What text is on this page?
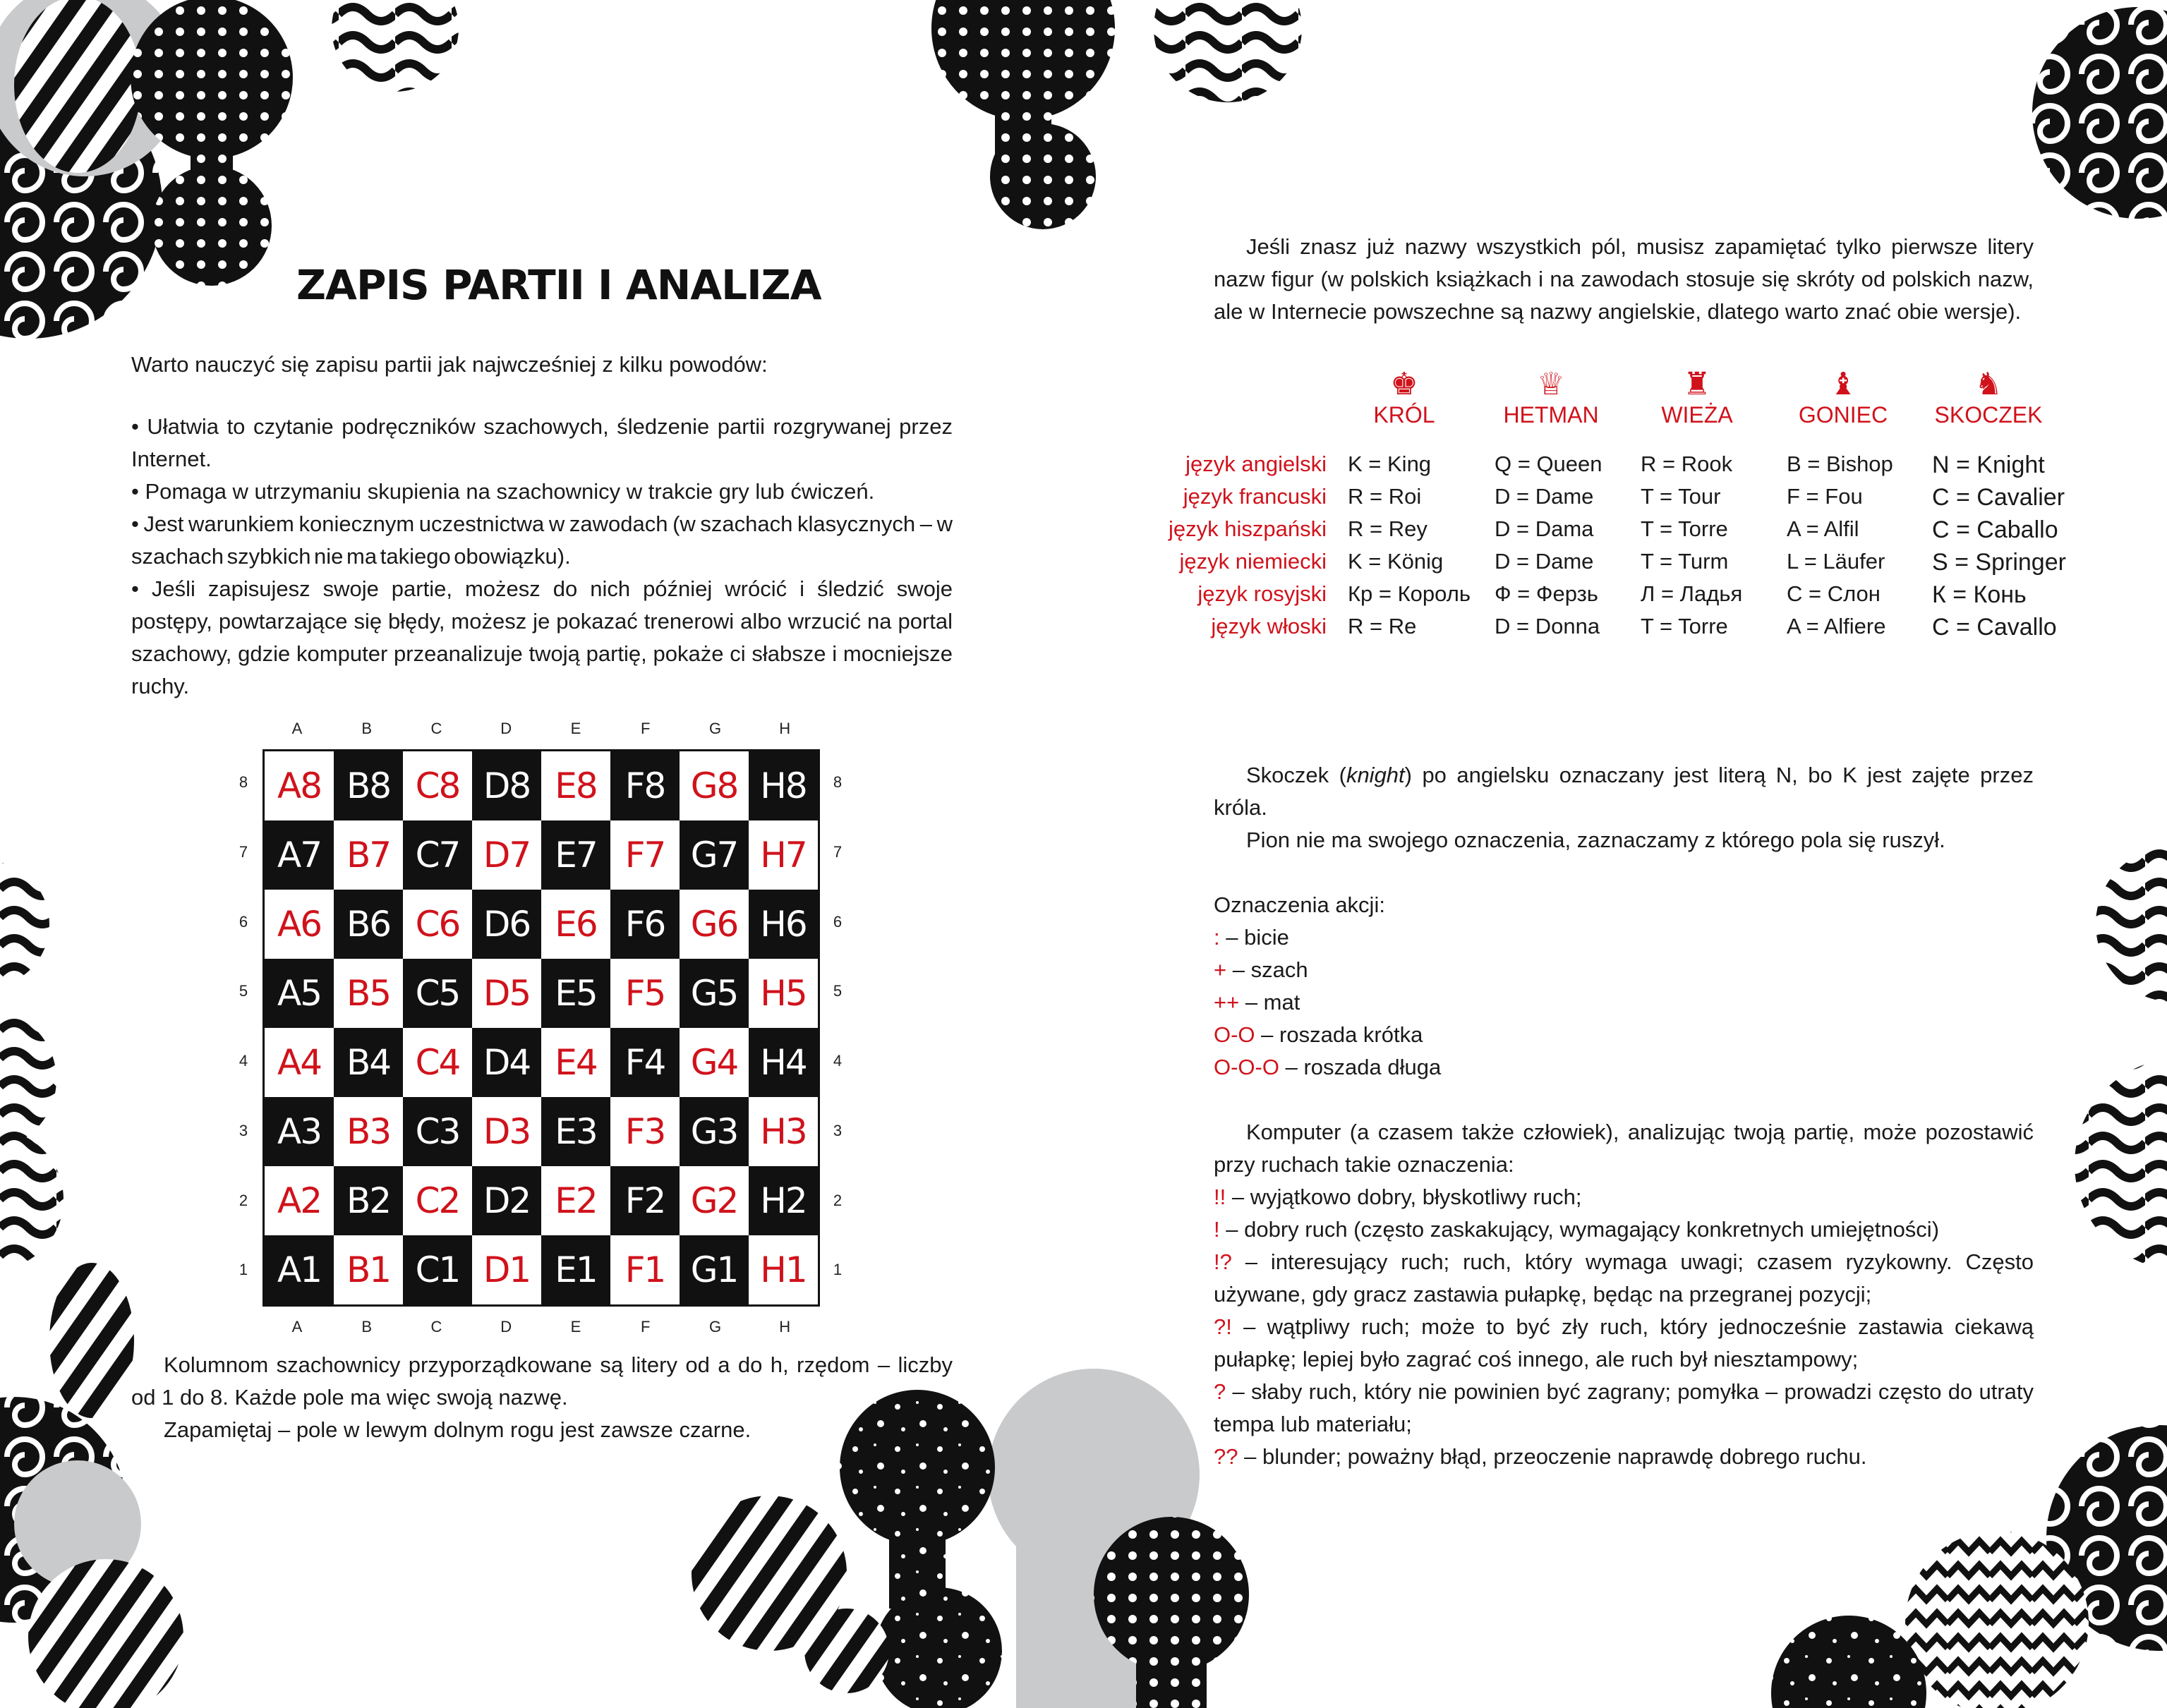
ZAPIS PARTII I ANALIZA

Warto nauczyć się zapisu partii jak najwcześniej z kilku powodów:

• Ułatwia to czytanie podręczników szachowych, śledzenie partii rozgrywanej przez Internet.

• Pomaga w utrzymaniu skupienia na szachownicy w trakcie gry lub ćwiczeń.

• Jest warunkiem koniecznym uczestnictwa w zawodach (w szachach klasycznych – w szachach szybkich nie ma takiego obowiązku).

• Jeśli zapisujesz swoje partie, możesz do nich później wrócić i śledzić swoje postępy, powtarzające się błędy, możesz je pokazać trenerowi albo wrzucić na portal szachowy, gdzie komputer przeanalizuje twoją partię, pokaże ci słabsze i mocniejsze ruchy.

A8 B8 C8 D8 E8 F8 G8 H8
A7 B7 C7 D7 E7 F7 G7 H7
A6 B6 C6 D6 E6 F6 G6 H6
A5 B5 C5 D5 E5 F5 G5 H5
A4 B4 C4 D4 E4 F4 G4 H4
A3 B3 C3 D3 E3 F3 G3 H3
A2 B2 C2 D2 E2 F2 G2 H2
A1 B1 C1 D1 E1 F1 G1 H1
A
A
B
B
C
C
D
D
E
E
F
F
G
G
H
H
8	8
7	7
6	6
5	5
4	4
3	3
2	2
1	1

Kolumnom szachownicy przyporządkowane są litery od a do h, rzędom – liczby od 1 do 8. Każde pole ma więc swoją nazwę.

Zapamiętaj – pole w lewym dolnym rogu jest zawsze czarne.

Jeśli znasz już nazwy wszystkich pól, musisz zapamiętać tylko pierwsze litery nazw figur (w polskich książkach i na zawodach stosuje się skróty od polskich nazw, ale w Internecie powszechne są nazwy angielskie, dlatego warto znać obie wersje).

♚
KRÓL
♕
HETMAN
♜
WIEŻA
♝
GONIEC
♞
SKOCZEK
język angielski K = King	Q = Queen R = Rook B = Bishop N = Knight
język francuski R = Roi	D = Dame T = Tour	F = Fou	C = Cavalier
język hiszpański R = Rey	D = Dama T = Torre	A = Alfil	C = Caballo
język niemiecki K = König D = Dame T = Turm	L = Läufer S = Springer
język rosyjski Кр = Король Ф = Ферзь Л = Ладья С = Слон К = Конь
język włoski R = Re	D = Donna T = Torre	A = Alfiere C = Cavallo

Skoczek (knight) po angielsku oznaczany jest literą N, bo K jest zajęte przez króla.

Pion nie ma swojego oznaczenia, zaznaczamy z którego pola się ruszył.

Oznaczenia akcji:

: – bicie

+ – szach

++ – mat

O-O – roszada krótka

O-O-O – roszada długa

Komputer (a czasem także człowiek), analizując twoją partię, może pozostawić przy ruchach takie oznaczenia:

!! – wyjątkowo dobry, błyskotliwy ruch;

! – dobry ruch (często zaskakujący, wymagający konkretnych umiejętności)

!? – interesujący ruch; ruch, który wymaga uwagi; czasem ryzykowny. Często używane, gdy gracz zastawia pułapkę, będąc na przegranej pozycji;

?! – wątpliwy ruch; może to być zły ruch, który jednocześnie zastawia ciekawą pułapkę; lepiej było zagrać coś innego, ale ruch był niesztampowy;

? – słaby ruch, który nie powinien być zagrany; pomyłka – prowadzi często do utraty tempa lub materiału;

?? – blunder; poważny błąd, przeoczenie naprawdę dobrego ruchu.
